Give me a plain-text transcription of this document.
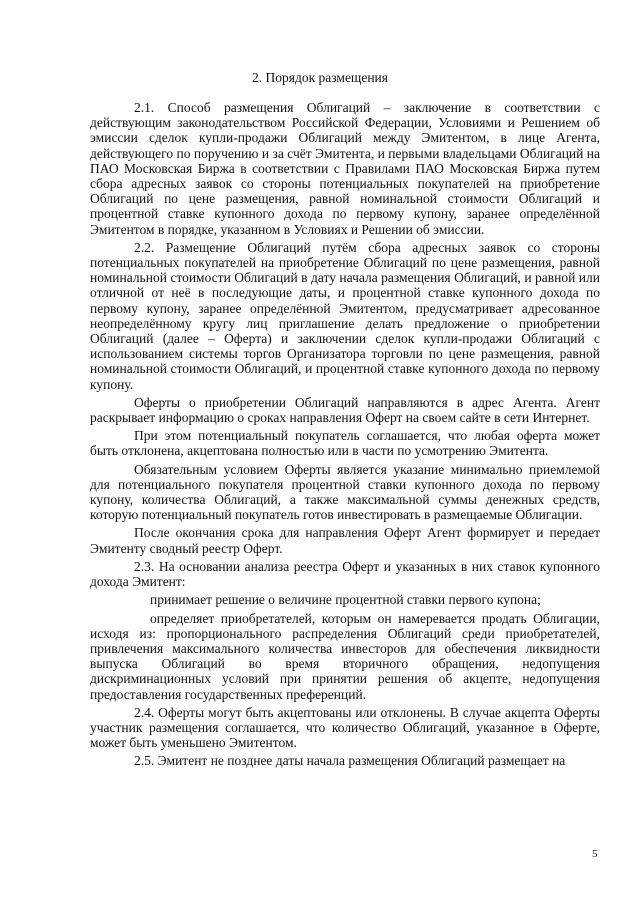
2. Порядок размещения

2.1. Способ размещения Облигаций – заключение в соответствии с действующим законодательством Российской Федерации, Условиями и Решением об эмиссии сделок купли-продажи Облигаций между Эмитентом, в лице Агента, действующего по поручению и за счёт Эмитента, и первыми владельцами Облигаций на ПАО Московская Биржа в соответствии с Правилами ПАО Московская Биржа путем сбора адресных заявок со стороны потенциальных покупателей на приобретение Облигаций по цене размещения, равной номинальной стоимости Облигаций и процентной ставке купонного дохода по первому купону, заранее определённой Эмитентом в порядке, указанном в Условиях и Решении об эмиссии.

2.2. Размещение Облигаций путём сбора адресных заявок со стороны потенциальных покупателей на приобретение Облигаций по цене размещения, равной номинальной стоимости Облигаций в дату начала размещения Облигаций, и равной или отличной от неё в последующие даты, и процентной ставке купонного дохода по первому купону, заранее определённой Эмитентом, предусматривает адресованное неопределённому кругу лиц приглашение делать предложение о приобретении Облигаций (далее – Оферта) и заключении сделок купли-продажи Облигаций с использованием системы торгов Организатора торговли по цене размещения, равной номинальной стоимости Облигаций, и процентной ставке купонного дохода по первому купону.

Оферты о приобретении Облигаций направляются в адрес Агента. Агент раскрывает информацию о сроках направления Оферт на своем сайте в сети Интернет.

При этом потенциальный покупатель соглашается, что любая оферта может быть отклонена, акцептована полностью или в части по усмотрению Эмитента.

Обязательным условием Оферты является указание минимально приемлемой для потенциального покупателя процентной ставки купонного дохода по первому купону, количества Облигаций, а также максимальной суммы денежных средств, которую потенциальный покупатель готов инвестировать в размещаемые Облигации.

После окончания срока для направления Оферт Агент формирует и передает Эмитенту сводный реестр Оферт.

2.3. На основании анализа реестра Оферт и указанных в них ставок купонного дохода Эмитент:

принимает решение о величине процентной ставки первого купона;

определяет приобретателей, которым он намеревается продать Облигации, исходя из: пропорционального распределения Облигаций среди приобретателей, привлечения максимального количества инвесторов для обеспечения ликвидности выпуска Облигаций во время вторичного обращения, недопущения дискриминационных условий при принятии решения об акцепте, недопущения предоставления государственных преференций.

2.4. Оферты могут быть акцептованы или отклонены. В случае акцепта Оферты участник размещения соглашается, что количество Облигаций, указанное в Оферте, может быть уменьшено Эмитентом.

2.5. Эмитент не позднее даты начала размещения Облигаций размещает на

5
